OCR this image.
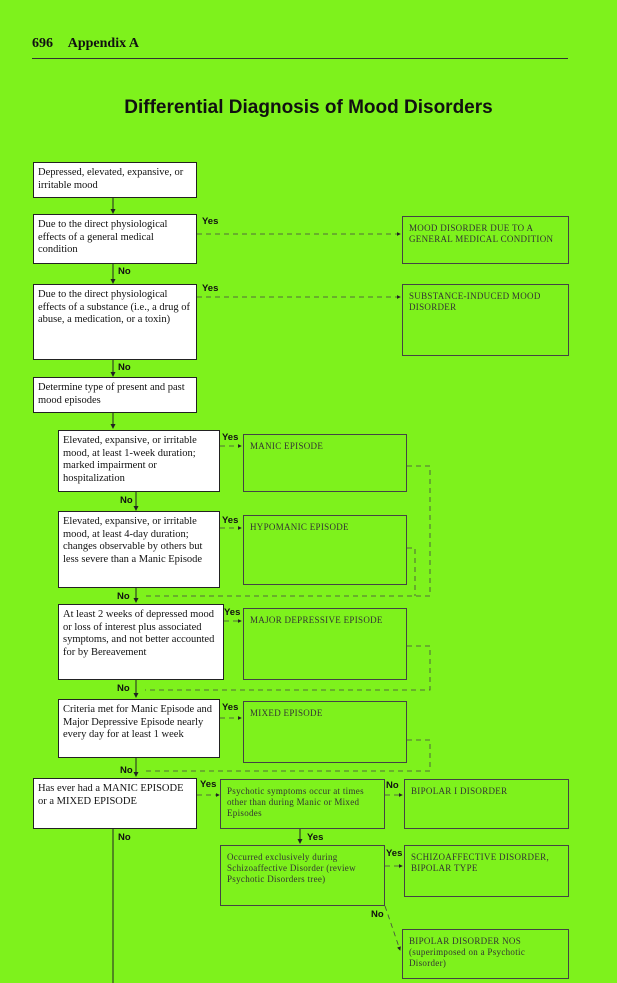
696 Appendix A
Differential Diagnosis of Mood Disorders
Depressed, elevated, expansive, or irritable mood
Due to the direct physiological effects of a general medical condition
Due to the direct physiological effects of a substance (i.e., a drug of abuse, a medication, or a toxin)
Determine type of present and past mood episodes
Elevated, expansive, or irritable mood, at least 1-week duration; marked impairment or hospitalization
Elevated, expansive, or irritable mood, at least 4-day duration; changes observable by others but less severe than a Manic Episode
At least 2 weeks of depressed mood or loss of interest plus associated symptoms, and not better accounted for by Bereavement
Criteria met for Manic Episode and Major Depressive Episode nearly every day for at least 1 week
Has ever had a MANIC EPISODE or a MIXED EPISODE
Psychotic symptoms occur at times other than during Manic or Mixed Episodes
Occurred exclusively during Schizoaffective Disorder (review Psychotic Disorders tree)
MOOD DISORDER DUE TO A GENERAL MEDICAL CONDITION
SUBSTANCE-INDUCED MOOD DISORDER
MANIC EPISODE
HYPOMANIC EPISODE
MAJOR DEPRESSIVE EPISODE
MIXED EPISODE
BIPOLAR I DISORDER
SCHIZOAFFECTIVE DISORDER, BIPOLAR TYPE
BIPOLAR DISORDER NOS (superimposed on a Psychotic Disorder)
Yes
No
Yes
No
Yes
No
Yes
No
Yes
No
Yes
No
Yes	No
No	Yes
Yes
No
